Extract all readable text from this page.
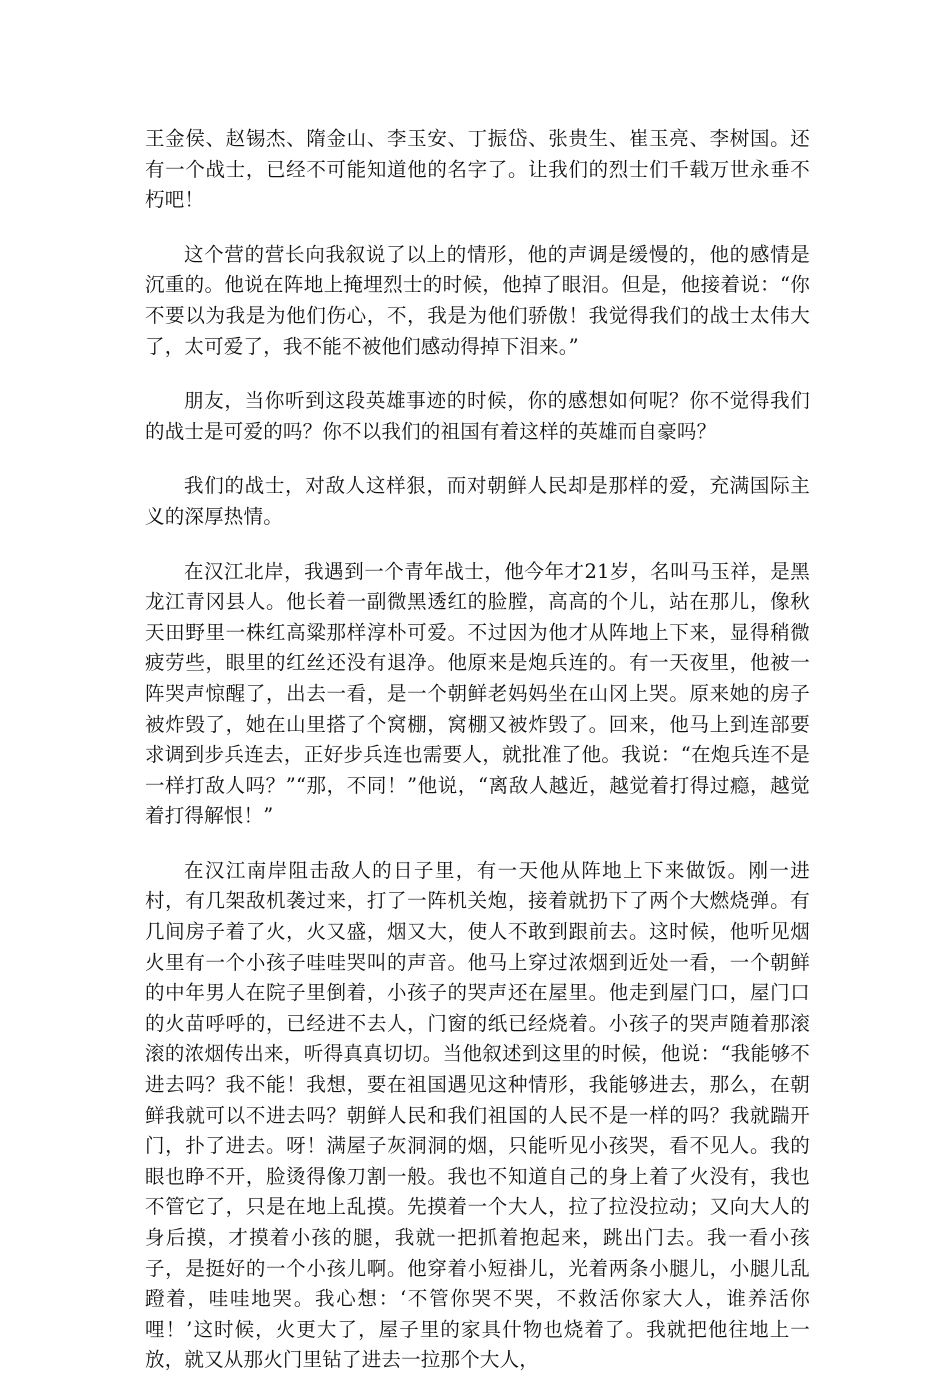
王金侯、赵锡杰、隋金山、李玉安、丁振岱、张贵生、崔玉亮、李树国。还有一个战士，已经不可能知道他的名字了。让我们的烈士们千载万世永垂不朽吧！

这个营的营长向我叙说了以上的情形，他的声调是缓慢的，他的感情是沉重的。他说在阵地上掩埋烈士的时候，他掉了眼泪。但是，他接着说：“你不要以为我是为他们伤心，不，我是为他们骄傲！我觉得我们的战士太伟大了，太可爱了，我不能不被他们感动得掉下泪来。”

朋友，当你听到这段英雄事迹的时候，你的感想如何呢？你不觉得我们的战士是可爱的吗？你不以我们的祖国有着这样的英雄而自豪吗？

我们的战士，对敌人这样狠，而对朝鲜人民却是那样的爱，充满国际主义的深厚热情。

在汉江北岸，我遇到一个青年战士，他今年才21岁，名叫马玉祥，是黑龙江青冈县人。他长着一副微黑透红的脸膛，高高的个儿，站在那儿，像秋天田野里一株红高粱那样淳朴可爱。不过因为他才从阵地上下来，显得稍微疲劳些，眼里的红丝还没有退净。他原来是炮兵连的。有一天夜里，他被一阵哭声惊醒了，出去一看，是一个朝鲜老妈妈坐在山冈上哭。原来她的房子被炸毁了，她在山里搭了个窝棚，窝棚又被炸毁了。回来，他马上到连部要求调到步兵连去，正好步兵连也需要人，就批准了他。我说：“在炮兵连不是一样打敌人吗？”“那，不同！”他说，“离敌人越近，越觉着打得过瘾，越觉着打得解恨！”

在汉江南岸阻击敌人的日子里，有一天他从阵地上下来做饭。刚一进村，有几架敌机袭过来，打了一阵机关炮，接着就扔下了两个大燃烧弹。有几间房子着了火，火又盛，烟又大，使人不敢到跟前去。这时候，他听见烟火里有一个小孩子哇哇哭叫的声音。他马上穿过浓烟到近处一看，一个朝鲜的中年男人在院子里倒着，小孩子的哭声还在屋里。他走到屋门口，屋门口的火苗呼呼的，已经进不去人，门窗的纸已经烧着。小孩子的哭声随着那滚滚的浓烟传出来，听得真真切切。当他叙述到这里的时候，他说：“我能够不进去吗？我不能！我想，要在祖国遇见这种情形，我能够进去，那么，在朝鲜我就可以不进去吗？朝鲜人民和我们祖国的人民不是一样的吗？我就踹开门，扑了进去。呀！满屋子灰洞洞的烟，只能听见小孩哭，看不见人。我的眼也睁不开，脸烫得像刀割一般。我也不知道自己的身上着了火没有，我也不管它了，只是在地上乱摸。先摸着一个大人，拉了拉没拉动；又向大人的身后摸，才摸着小孩的腿，我就一把抓着抱起来，跳出门去。我一看小孩子，是挺好的一个小孩儿啊。他穿着小短褂儿，光着两条小腿儿，小腿儿乱蹬着，哇哇地哭。我心想：‘不管你哭不哭，不救活你家大人，谁养活你哩！’这时候，火更大了，屋子里的家具什物也烧着了。我就把他往地上一放，就又从那火门里钻了进去一拉那个大人，
